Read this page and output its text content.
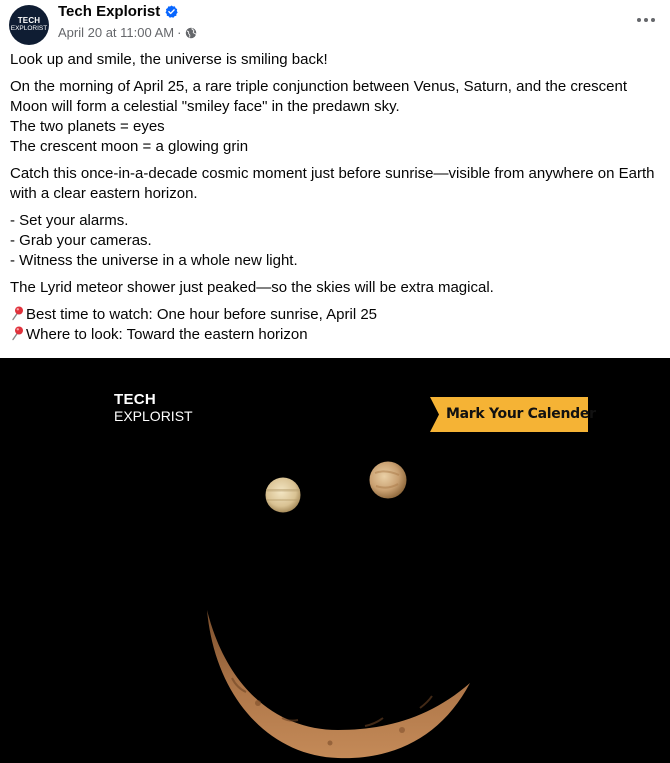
TECH
EXPLORIST
Tech Explorist
April 20 at 11:00 AM ·

Look up and smile, the universe is smiling back!

On the morning of April 25, a rare triple conjunction between Venus, Saturn, and the crescent Moon will form a celestial "smiley face" in the predawn sky.
The two planets = eyes
The crescent moon = a glowing grin

Catch this once-in-a-decade cosmic moment just before sunrise—visible from anywhere on Earth with a clear eastern horizon.

- Set your alarms.
- Grab your cameras.
- Witness the universe in a whole new light.

The Lyrid meteor shower just peaked—so the skies will be extra magical.

Best time to watch: One hour before sunrise, April 25
Where to look: Toward the eastern horizon

TECH
EXPLORIST	Mark Your Calender
